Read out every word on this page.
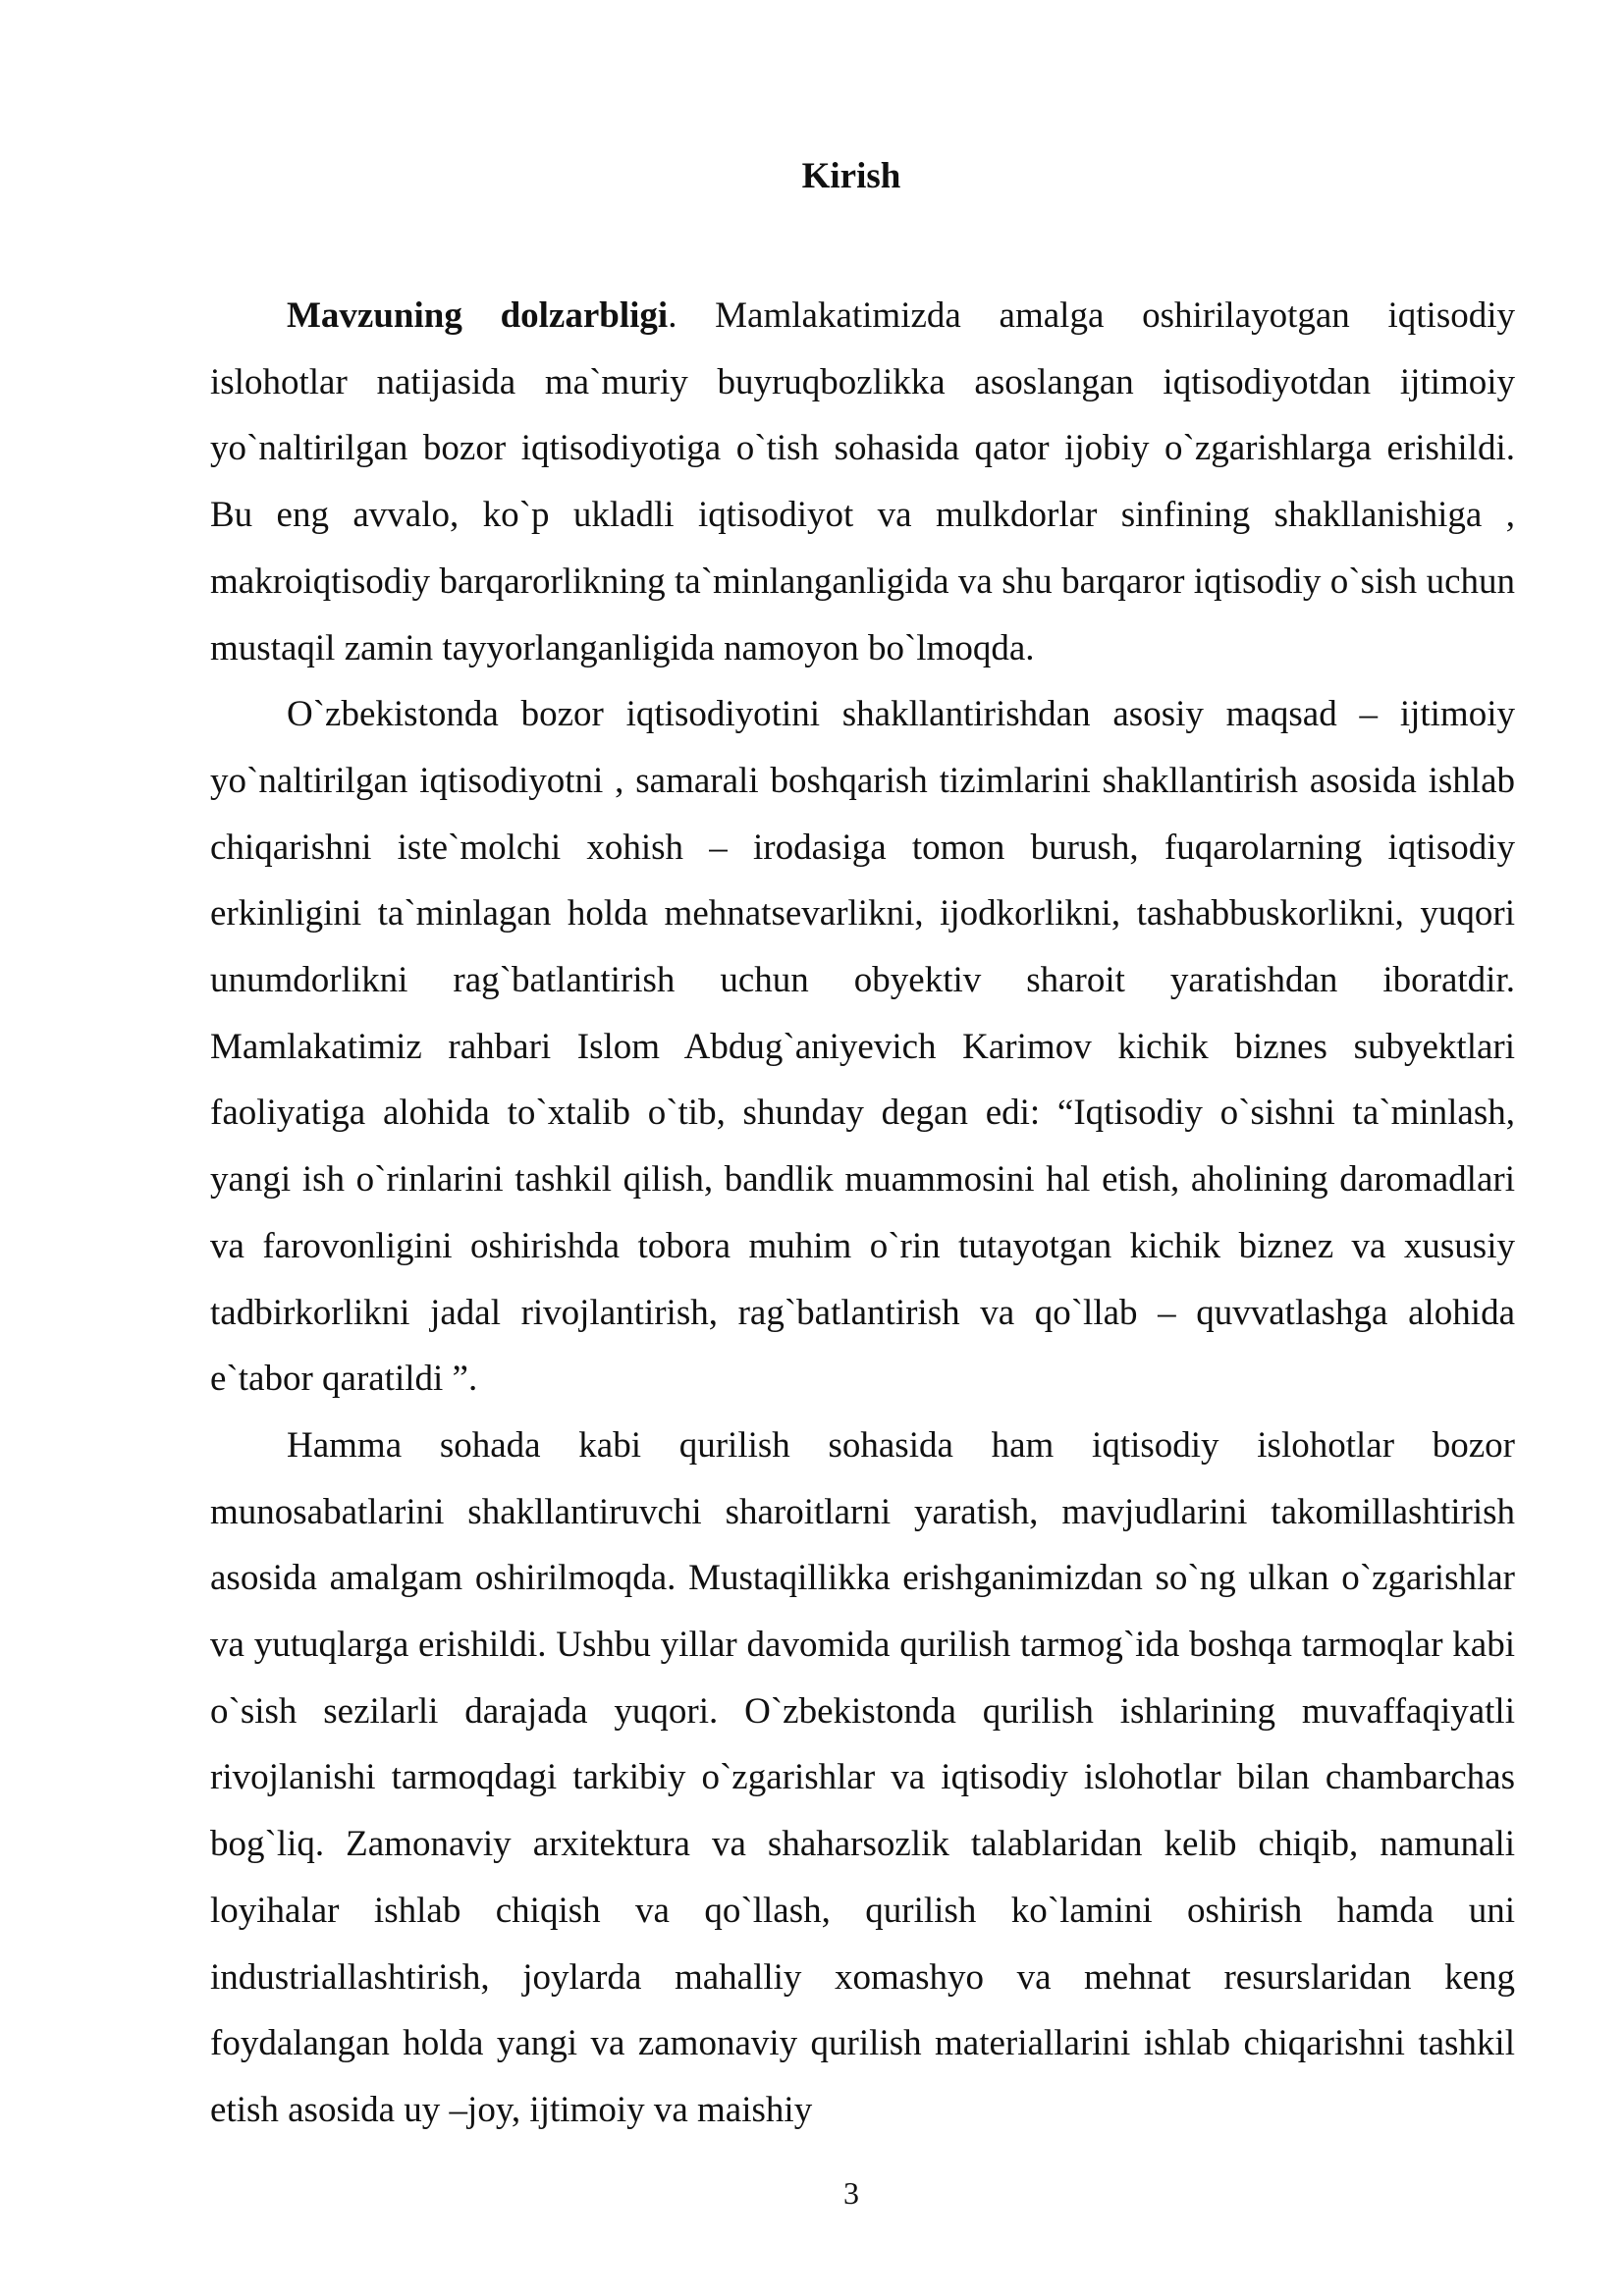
Kirish

Mavzuning dolzarbligi. Mamlakatimizda amalga oshirilayotgan iqtisodiy islohotlar natijasida ma`muriy buyruqbozlikka asoslangan iqtisodiyotdan ijtimoiy yo`naltirilgan bozor iqtisodiyotiga o`tish sohasida qator ijobiy o`zgarishlarga erishildi. Bu eng avvalo, ko`p ukladli iqtisodiyot va mulkdorlar sinfining shakllanishiga , makroiqtisodiy barqarorlikning ta`minlanganligida va shu barqaror iqtisodiy o`sish uchun mustaqil zamin tayyorlanganligida namoyon bo`lmoqda.

O`zbekistonda bozor iqtisodiyotini shakllantirishdan asosiy maqsad – ijtimoiy yo`naltirilgan iqtisodiyotni , samarali boshqarish tizimlarini shakllantirish asosida ishlab chiqarishni iste`molchi xohish – irodasiga tomon burush, fuqarolarning iqtisodiy erkinligini ta`minlagan holda mehnatsevarlikni, ijodkorlikni, tashabbuskorlikni, yuqori unumdorlikni rag`batlantirish uchun obyektiv sharoit yaratishdan iboratdir. Mamlakatimiz rahbari Islom Abdug`aniyevich Karimov kichik biznes subyektlari faoliyatiga alohida to`xtalib o`tib, shunday degan edi: “Iqtisodiy o`sishni ta`minlash, yangi ish o`rinlarini tashkil qilish, bandlik muammosini hal etish, aholining daromadlari va farovonligini oshirishda tobora muhim o`rin tutayotgan kichik biznez va xususiy tadbirkorlikni jadal rivojlantirish, rag`batlantirish va qo`llab – quvvatlashga alohida e`tabor qaratildi ”.

Hamma sohada kabi qurilish sohasida ham iqtisodiy islohotlar bozor munosabatlarini shakllantiruvchi sharoitlarni yaratish, mavjudlarini takomillashtirish asosida amalgam oshirilmoqda. Mustaqillikka erishganimizdan so`ng ulkan o`zgarishlar va yutuqlarga erishildi. Ushbu yillar davomida qurilish tarmog`ida boshqa tarmoqlar kabi o`sish sezilarli darajada yuqori. O`zbekistonda qurilish ishlarining muvaffaqiyatli rivojlanishi tarmoqdagi tarkibiy o`zgarishlar va iqtisodiy islohotlar bilan chambarchas bog`liq. Zamonaviy arxitektura va shaharsozlik talablaridan kelib chiqib, namunali loyihalar ishlab chiqish va qo`llash, qurilish ko`lamini oshirish hamda uni industriallashtirish, joylarda mahalliy xomashyo va mehnat resurslaridan keng foydalangan holda yangi va zamonaviy qurilish materiallarini ishlab chiqarishni tashkil etish asosida uy –joy, ijtimoiy va maishiy

3
